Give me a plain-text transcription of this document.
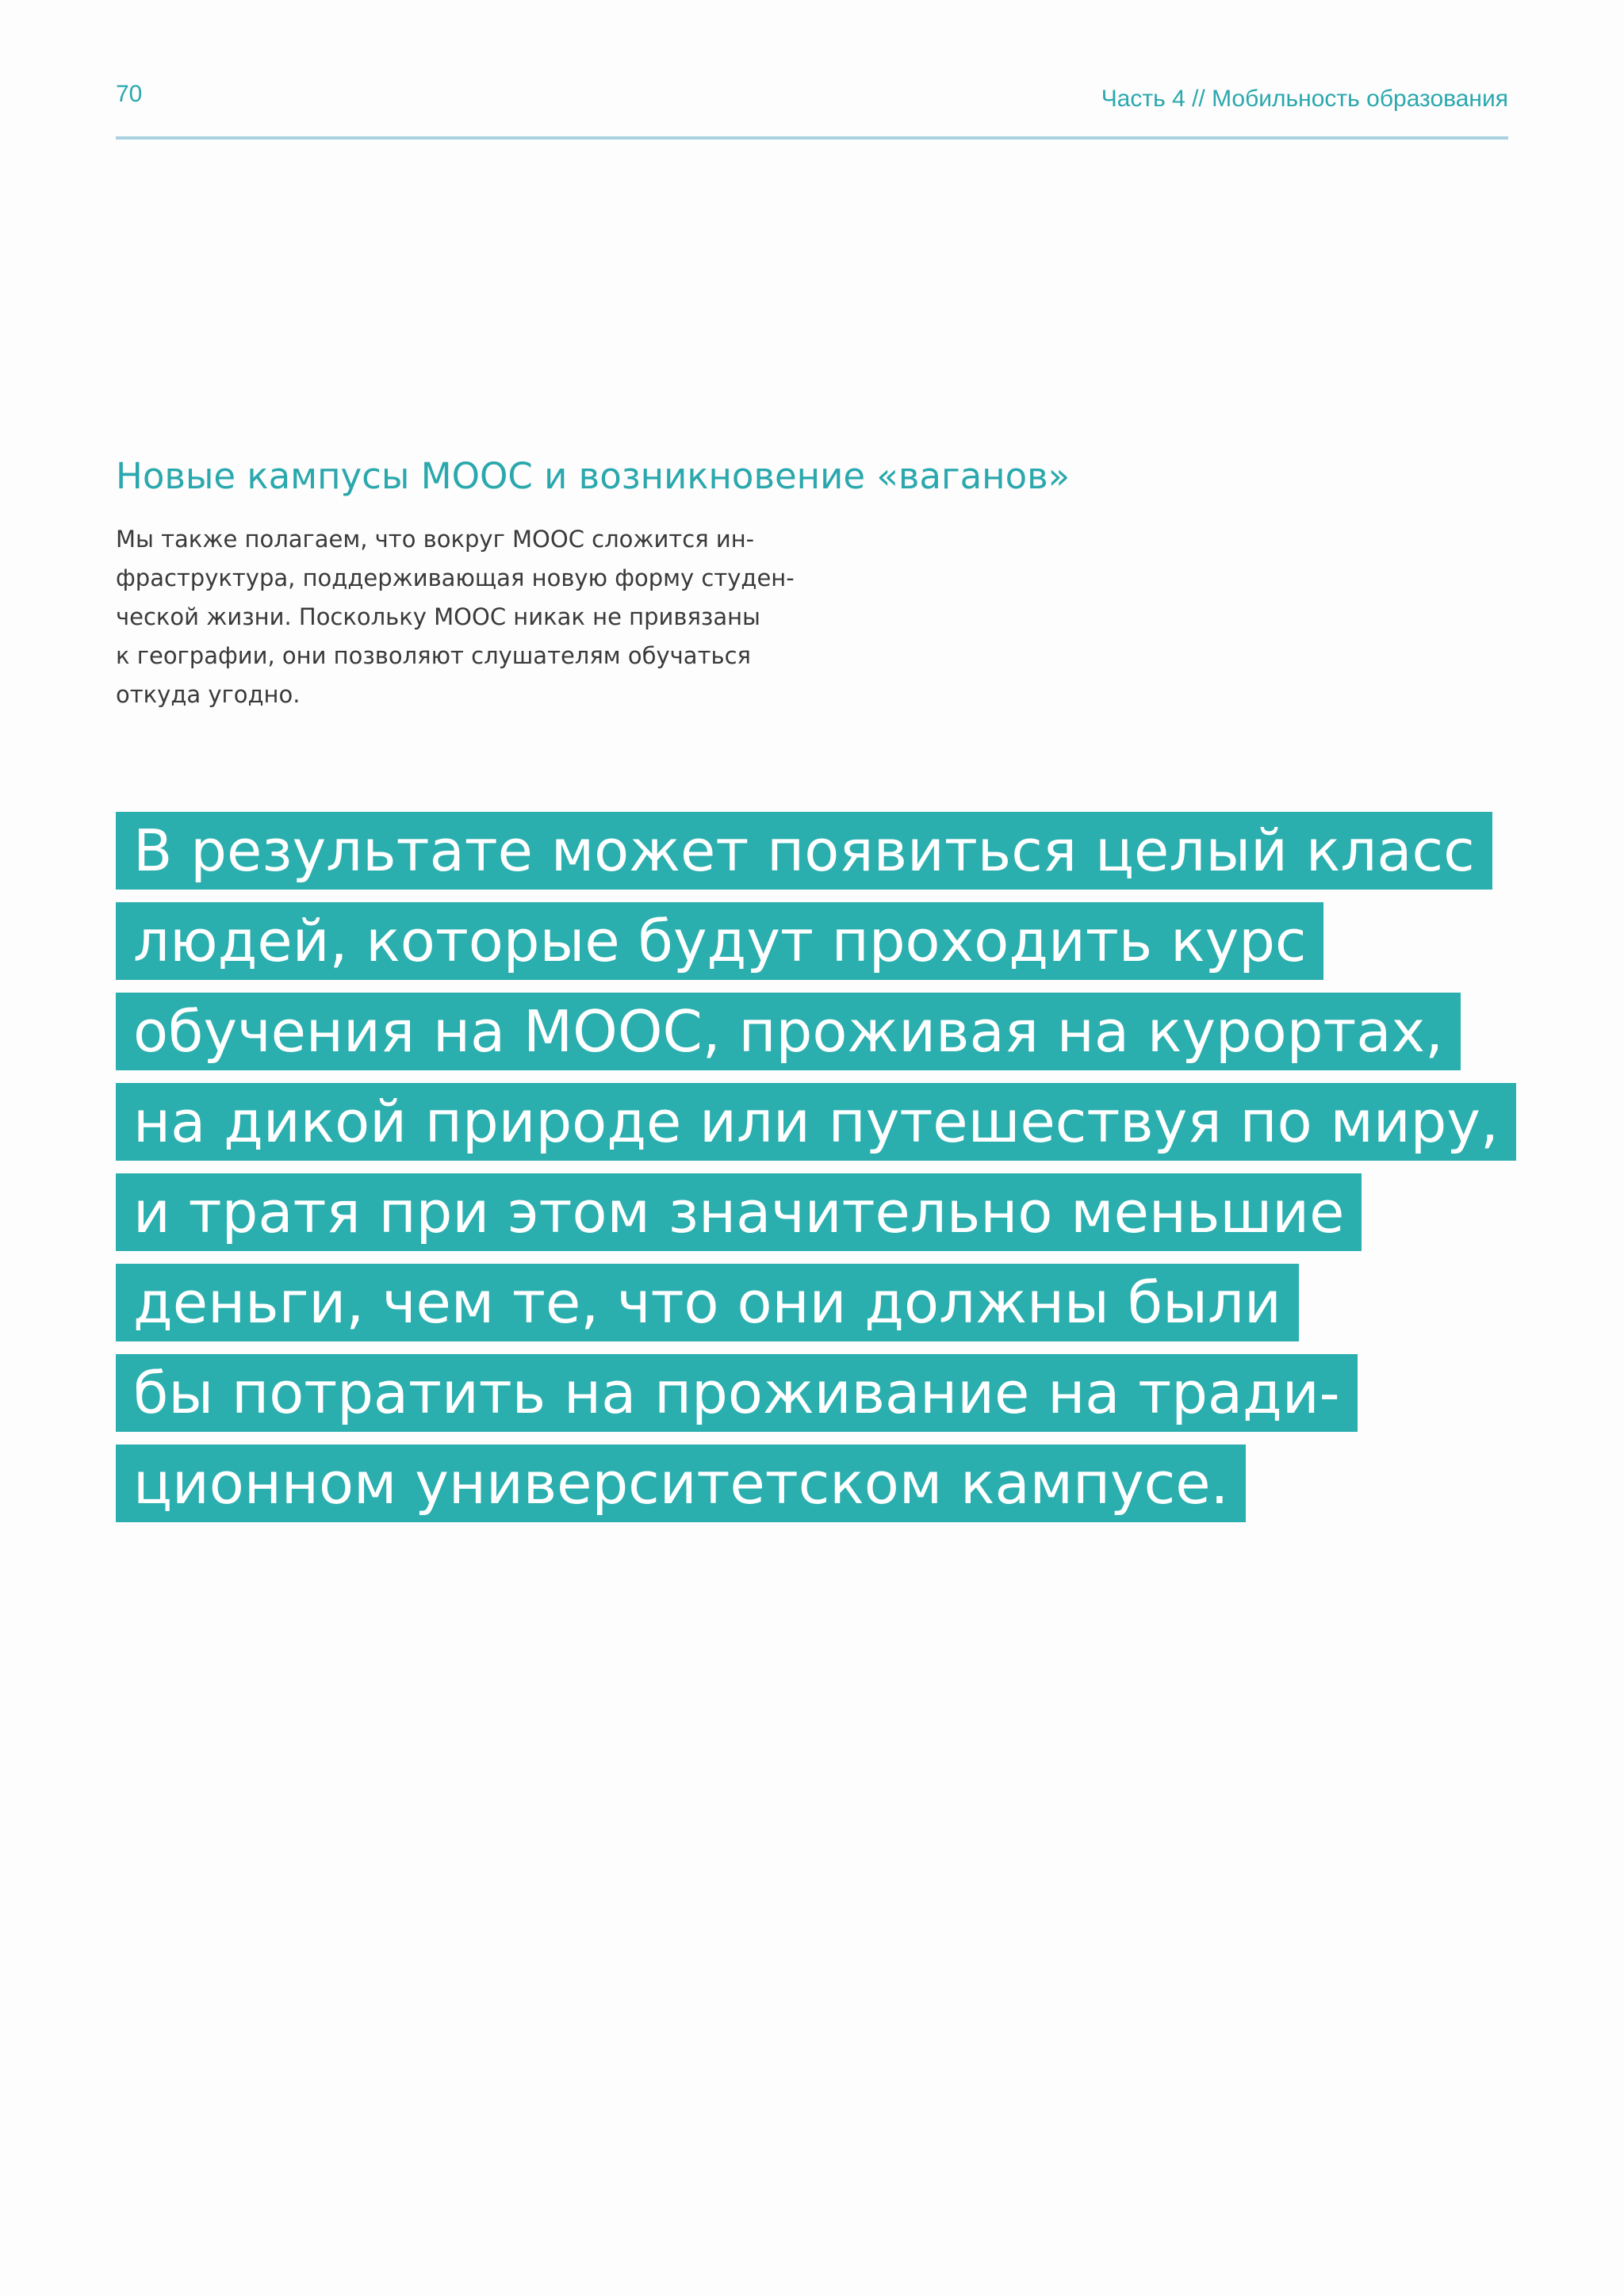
70	Часть 4 // Мобильность образования
Новые кампусы МООС и возникновение «ваганов»

Мы также полагаем, что вокруг МООС сложится ин-
фраструктура, поддерживающая новую форму студен-
ческой жизни. Поскольку МООС никак не привязаны
к географии, они позволяют слушателям обучаться
откуда угодно.

В результате может появиться целый класс
людей, которые будут проходить курс
обучения на МООС, проживая на курортах,
на дикой природе или путешествуя по миру,
и тратя при этом значительно меньшие
деньги, чем те, что они должны были
бы потратить на проживание на тради-
ционном университетском кампусе.
